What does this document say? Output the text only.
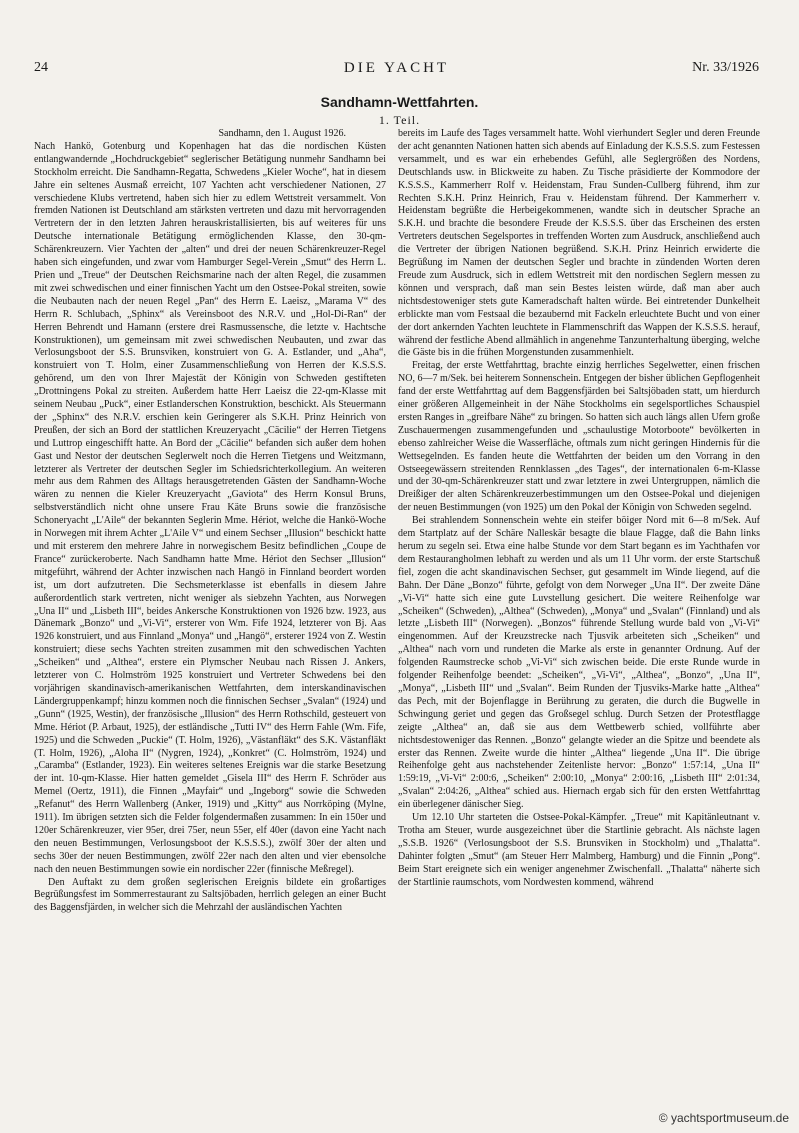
24	DIE YACHT	Nr. 33/1926
Sandhamn-Wettfahrten.
1. Teil.

Sandhamn, den 1. August 1926.

Nach Hankö, Gotenburg und Kopenhagen hat das die nordischen Küsten entlangwandernde „Hochdruckgebiet“ seglerischer Betätigung nunmehr Sandhamn bei Stockholm erreicht. Die Sandhamn-Regatta, Schwedens „Kieler Woche“, hat in diesem Jahre ein seltenes Ausmaß erreicht, 107 Yachten acht verschiedener Nationen, 27 verschiedene Klubs vertretend, haben sich hier zu edlem Wettstreit versammelt. Von fremden Nationen ist Deutschland am stärksten vertreten und dazu mit hervorragenden Vertretern der in den letzten Jahren herauskristallisierten, bis auf weiteres für uns Deutsche internationale Betätigung ermöglichenden Klasse, den 30-qm-Schärenkreuzern. Vier Yachten der „alten“ und drei der neuen Schärenkreuzer-Regel haben sich eingefunden, und zwar vom Hamburger Segel-Verein „Smut“ des Herrn L. Prien und „Treue“ der Deutschen Reichsmarine nach der alten Regel, die zusammen mit zwei schwedischen und einer finnischen Yacht um den Ostsee-Pokal streiten, sowie die Neubauten nach der neuen Regel „Pan“ des Herrn E. Laeisz, „Marama V“ des Herrn R. Schlubach, „Sphinx“ als Vereinsboot des N.R.V. und „Hol-Di-Ran“ der Herren Behrendt und Hamann (erstere drei Rasmussensche, die letzte v. Hachtsche Konstruktionen), um gemeinsam mit zwei schwedischen Neubauten, und zwar das Verlosungsboot der S.S. Brunsviken, konstruiert von G. A. Estlander, und „Aha“, konstruiert von T. Holm, einer Zusammenschließung von Herren der K.S.S.S. gehörend, um den von Ihrer Majestät der Königin von Schweden gestifteten „Drottningens Pokal zu streiten. Außerdem hatte Herr Laeisz die 22-qm-Klasse mit seinem Neubau „Puck“, einer Estlanderschen Konstruktion, beschickt. Als Steuermann der „Sphinx“ des N.R.V. erschien kein Geringerer als S.K.H. Prinz Heinrich von Preußen, der sich an Bord der stattlichen Kreuzeryacht „Cäcilie“ der Herren Tietgens und Luttrop eingeschifft hatte. An Bord der „Cäcilie“ befanden sich außer dem hohen Gast und Nestor der deutschen Seglerwelt noch die Herren Tietgens und Weitzmann, letzterer als Vertreter der deutschen Segler im Schiedsrichterkollegium. An weiteren mehr aus dem Rahmen des Alltags herausgetretenden Gästen der Sandhamn-Woche wären zu nennen die Kieler Kreuzeryacht „Gaviota“ des Herrn Konsul Bruns, selbstverständlich nicht ohne unsere Frau Käte Bruns sowie die französische Schoneryacht „L'Aile“ der bekannten Seglerin Mme. Hériot, welche die Hankö-Woche in Norwegen mit ihrem Achter „L'Aile V“ und einem Sechser „Illusion“ beschickt hatte und mit ersterem den mehrere Jahre in norwegischem Besitz befindlichen „Coupe de France“ zurückeroberte. Nach Sandhamn hatte Mme. Hériot den Sechser „Illusion“ mitgeführt, während der Achter inzwischen nach Hangö in Finnland beordert worden ist, um dort aufzutreten. Die Sechsmeterklasse ist ebenfalls in diesem Jahre außerordentlich stark vertreten, nicht weniger als siebzehn Yachten, aus Norwegen „Una II“ und „Lisbeth III“, beides Ankersche Konstruktionen von 1926 bzw. 1923, aus Dänemark „Bonzo“ und „Vi-Vi“, ersterer von Wm. Fife 1924, letzterer von Bj. Aas 1926 konstruiert, und aus Finnland „Monya“ und „Hangö“, ersterer 1924 von Z. Westin konstruiert; diese sechs Yachten streiten zusammen mit den schwedischen Yachten „Scheiken“ und „Althea“, erstere ein Plymscher Neubau nach Rissen J. Ankers, letzterer von C. Holmström 1925 konstruiert und Vertreter Schwedens bei den vorjährigen skandinavisch-amerikanischen Wettfahrten, dem interskandinavischen Ländergruppenkampf; hinzu kommen noch die finnischen Sechser „Svalan“ (1924) und „Gunn“ (1925, Westin), der französische „Illusion“ des Herrn Rothschild, gesteuert von Mme. Hériot (P. Arbaut, 1925), der estländische „Tutti IV“ des Herrn Fahle (Wm. Fife, 1925) und die Schweden „Puckie“ (T. Holm, 1926), „Västanfläkt“ des S.K. Västanfläkt (T. Holm, 1926), „Aloha II“ (Nygren, 1924), „Konkret“ (C. Holmström, 1924) und „Caramba“ (Estlander, 1923). Ein weiteres seltenes Ereignis war die starke Besetzung der int. 10-qm-Klasse. Hier hatten gemeldet „Gisela III“ des Herrn F. Schröder aus Memel (Oertz, 1911), die Finnen „Mayfair“ und „Ingeborg“ sowie die Schweden „Refanut“ des Herrn Wallenberg (Anker, 1919) und „Kitty“ aus Norrköping (Mylne, 1911). Im übrigen setzten sich die Felder folgendermaßen zusammen: In ein 150er und 120er Schärenkreuzer, vier 95er, drei 75er, neun 55er, elf 40er (davon eine Yacht nach den neuen Bestimmungen, Verlosungsboot der K.S.S.S.), zwölf 30er der alten und sechs 30er der neuen Bestimmungen, zwölf 22er nach den alten und vier ebensolche nach den neuen Bestimmungen sowie ein nordischer 22er (finnische Meßregel).

Den Auftakt zu dem großen seglerischen Ereignis bildete ein großartiges Begrüßungsfest im Sommerrestaurant zu Saltsjöbaden, herrlich gelegen an einer Bucht des Baggensfjärden, in welcher sich die Mehrzahl der ausländischen Yachten

bereits im Laufe des Tages versammelt hatte. Wohl vierhundert Segler und deren Freunde der acht genannten Nationen hatten sich abends auf Einladung der K.S.S.S. zum Festessen versammelt, und es war ein erhebendes Gefühl, alle Seglergrößen des Nordens, Deutschlands usw. in Blickweite zu haben. Zu Tische präsidierte der Kommodore der K.S.S.S., Kammerherr Rolf v. Heidenstam, Frau Sunden-Cullberg führend, ihm zur Rechten S.K.H. Prinz Heinrich, Frau v. Heidenstam führend. Der Kammerherr v. Heidenstam begrüßte die Herbeigekommenen, wandte sich in deutscher Sprache an S.K.H. und brachte die besondere Freude der K.S.S.S. über das Erscheinen des ersten Vertreters deutschen Segelsportes in treffenden Worten zum Ausdruck, anschließend auch die Vertreter der übrigen Nationen begrüßend. S.K.H. Prinz Heinrich erwiderte die Begrüßung im Namen der deutschen Segler und brachte in zündenden Worten deren Freude zum Ausdruck, sich in edlem Wettstreit mit den nordischen Seglern messen zu können und versprach, daß man sein Bestes leisten würde, daß man aber auch nichtsdestoweniger stets gute Kameradschaft halten würde. Bei eintretender Dunkelheit erblickte man vom Festsaal die bezaubernd mit Fackeln erleuchtete Bucht und von einer der dort ankernden Yachten leuchtete in Flammenschrift das Wappen der K.S.S.S. herauf, während der festliche Abend allmählich in angenehme Tanzunterhaltung überging, welche die Gäste bis in die frühen Morgenstunden zusammenhielt.

Freitag, der erste Wettfahrttag, brachte einzig herrliches Segelwetter, einen frischen NO, 6—7 m/Sek. bei heiterem Sonnenschein. Entgegen der bisher üblichen Gepflogenheit fand der erste Wettfahrttag auf dem Baggensfjärden bei Saltsjöbaden statt, um hierdurch einer größeren Allgemeinheit in der Nähe Stockholms ein segelsportliches Schauspiel ersten Ranges in „greifbare Nähe“ zu bringen. So hatten sich auch längs allen Ufern große Zuschauermengen zusammengefunden und „schaulustige Motorboote“ bevölkerten in ebenso zahlreicher Weise die Wasserfläche, oftmals zum nicht geringen Hindernis für die Wettsegelnden. Es fanden heute die Wettfahrten der beiden um den Vorrang in den Ostseegewässern streitenden Rennklassen „des Tages“, der internationalen 6-m-Klasse und der 30-qm-Schärenkreuzer statt und zwar letztere in zwei Untergruppen, nämlich die Dreißiger der alten Schärenkreuzerbestimmungen um den Ostsee-Pokal und diejenigen der neuen Bestimmungen (von 1925) um den Pokal der Königin von Schweden segelnd.

Bei strahlendem Sonnenschein wehte ein steifer böiger Nord mit 6—8 m/Sek. Auf dem Startplatz auf der Schäre Nalleskär besagte die blaue Flagge, daß die Bahn links herum zu segeln sei. Etwa eine halbe Stunde vor dem Start begann es im Yachthafen vor dem Restaurangholmen lebhaft zu werden und als um 11 Uhr vorm. der erste Startschuß fiel, zogen die acht skandinavischen Sechser, gut gesammelt im Winde liegend, auf die Bahn. Der Däne „Bonzo“ führte, gefolgt von dem Norweger „Una II“. Der zweite Däne „Vi-Vi“ hatte sich eine gute Luvstellung gesichert. Die weitere Reihenfolge war „Scheiken“ (Schweden), „Althea“ (Schweden), „Monya“ und „Svalan“ (Finnland) und als letzte „Lisbeth III“ (Norwegen). „Bonzos“ führende Stellung wurde bald von „Vi-Vi“ eingenommen. Auf der Kreuzstrecke nach Tjusvik arbeiteten sich „Scheiken“ und „Althea“ nach vorn und rundeten die Marke als erste in genannter Ordnung. Auf der folgenden Raumstrecke schob „Vi-Vi“ sich zwischen beide. Die erste Runde wurde in folgender Reihenfolge beendet: „Scheiken“, „Vi-Vi“, „Althea“, „Bonzo“, „Una II“, „Monya“, „Lisbeth III“ und „Svalan“. Beim Runden der Tjusviks-Marke hatte „Althea“ das Pech, mit der Bojenflagge in Berührung zu geraten, die durch die Bugwelle in Schwingung geriet und gegen das Großsegel schlug. Durch Setzen der Protestflagge zeigte „Althea“ an, daß sie aus dem Wettbewerb schied, vollführte aber nichtsdestoweniger das Rennen. „Bonzo“ gelangte wieder an die Spitze und beendete als erster das Rennen. Zweite wurde die hinter „Althea“ liegende „Una II“. Die übrige Reihenfolge geht aus nachstehender Zeitenliste hervor: „Bonzo“ 1:57:14, „Una II“ 1:59:19, „Vi-Vi“ 2:00:6, „Scheiken“ 2:00:10, „Monya“ 2:00:16, „Lisbeth III“ 2:01:34, „Svalan“ 2:04:26, „Althea“ schied aus. Hiernach ergab sich für den ersten Wettfahrttag ein überlegener dänischer Sieg.

Um 12.10 Uhr starteten die Ostsee-Pokal-Kämpfer. „Treue“ mit Kapitänleutnant v. Trotha am Steuer, wurde ausgezeichnet über die Startlinie gebracht. Als nächste lagen „S.S.B. 1926“ (Verlosungsboot der S.S. Brunsviken in Stockholm) und „Thalatta“. Dahinter folgten „Smut“ (am Steuer Herr Malmberg, Hamburg) und die Finnin „Pong“. Beim Start ereignete sich ein weniger angenehmer Zwischenfall. „Thalatta“ näherte sich der Startlinie raumschots, vom Nordwesten kommend, während

© yachtsportmuseum.de
